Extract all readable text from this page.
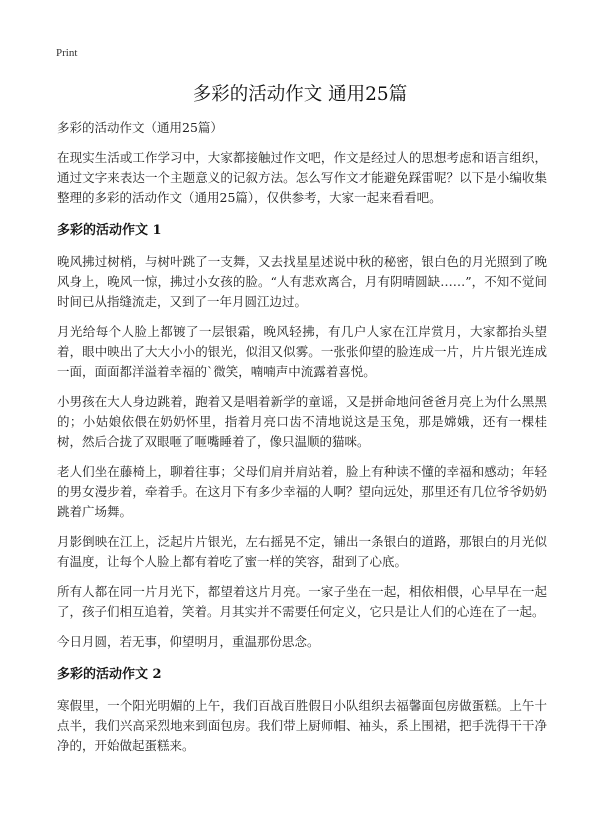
Print
多彩的活动作文 通用25篇

多彩的活动作文（通用25篇）

在现实生活或工作学习中，大家都接触过作文吧，作文是经过人的思想考虑和语言组织，通过文字来表达一个主题意义的记叙方法。怎么写作文才能避免踩雷呢？以下是小编收集整理的多彩的活动作文（通用25篇），仅供参考，大家一起来看看吧。

多彩的活动作文 1

晚风拂过树梢，与树叶跳了一支舞，又去找星星述说中秋的秘密，银白色的月光照到了晚风身上，晚风一惊，拂过小女孩的脸。“人有悲欢离合，月有阴晴圆缺……”，不知不觉间时间已从指缝流走，又到了一年月圆江边过。

月光给每个人脸上都镀了一层银霜，晚风轻拂，有几户人家在江岸赏月，大家都抬头望着，眼中映出了大大小小的银光，似泪又似雾。一张张仰望的脸连成一片，片片银光连成一面，面面都洋溢着幸福的`微笑，喃喃声中流露着喜悦。

小男孩在大人身边跳着，跑着又是唱着新学的童谣，又是拼命地问爸爸月亮上为什么黑黑的；小姑娘依偎在奶奶怀里，指着月亮口齿不清地说这是玉兔，那是嫦娥，还有一棵桂树，然后合拢了双眼咂了咂嘴睡着了，像只温顺的猫咪。

老人们坐在藤椅上，聊着往事；父母们肩并肩站着，脸上有种读不懂的幸福和感动；年轻的男女漫步着，牵着手。在这月下有多少幸福的人啊？望向远处，那里还有几位爷爷奶奶跳着广场舞。

月影倒映在江上，泛起片片银光，左右摇晃不定，铺出一条银白的道路，那银白的月光似有温度，让每个人脸上都有着吃了蜜一样的笑容，甜到了心底。

所有人都在同一片月光下，都望着这片月亮。一家子坐在一起，相依相偎，心早早在一起了，孩子们相互追着，笑着。月其实并不需要任何定义，它只是让人们的心连在了一起。

今日月圆，若无事，仰望明月，重温那份思念。

多彩的活动作文 2

寒假里，一个阳光明媚的上午，我们百战百胜假日小队组织去福馨面包房做蛋糕。上午十点半，我们兴高采烈地来到面包房。我们带上厨师帽、袖头，系上围裙，把手洗得干干净净的，开始做起蛋糕来。
